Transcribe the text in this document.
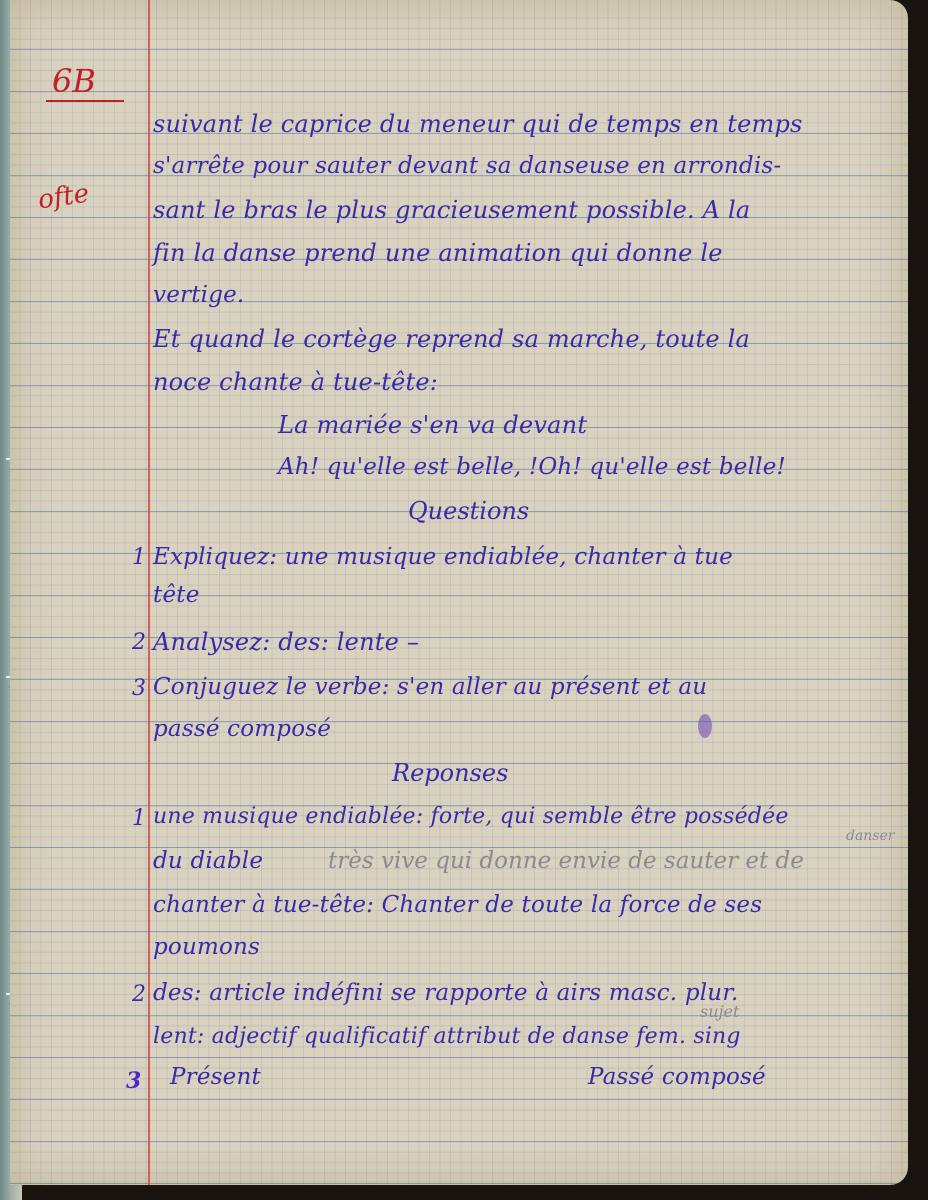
6B
ofte
suivant le caprice du meneur qui de temps en temps
s'arrête pour sauter devant sa danseuse en arrondis-
sant le bras le plus gracieusement possible. A la
fin la danse prend une animation qui donne le
vertige.
Et quand le cortège reprend sa marche, toute la
noce chante à tue-tête:
La mariée s'en va devant
Ah! qu'elle est belle, !Oh! qu'elle est belle!
Questions
1 Expliquez: une musique endiablée, chanter à tue
tête
2 Analysez: des: lente –
3 Conjuguez le verbe: s'en aller au présent et au
passé composé
Reponses
1 une musique endiablée: forte, qui semble être possédée
du diable	très vive qui donne envie de sauter et de
danser
chanter à tue-tête: Chanter de toute la force de ses
poumons
2 des: article indéfini se rapporte à airs masc. plur.
sujet
lent: adjectif qualificatif attribut de danse fem. sing
3 Présent	Passé composé
